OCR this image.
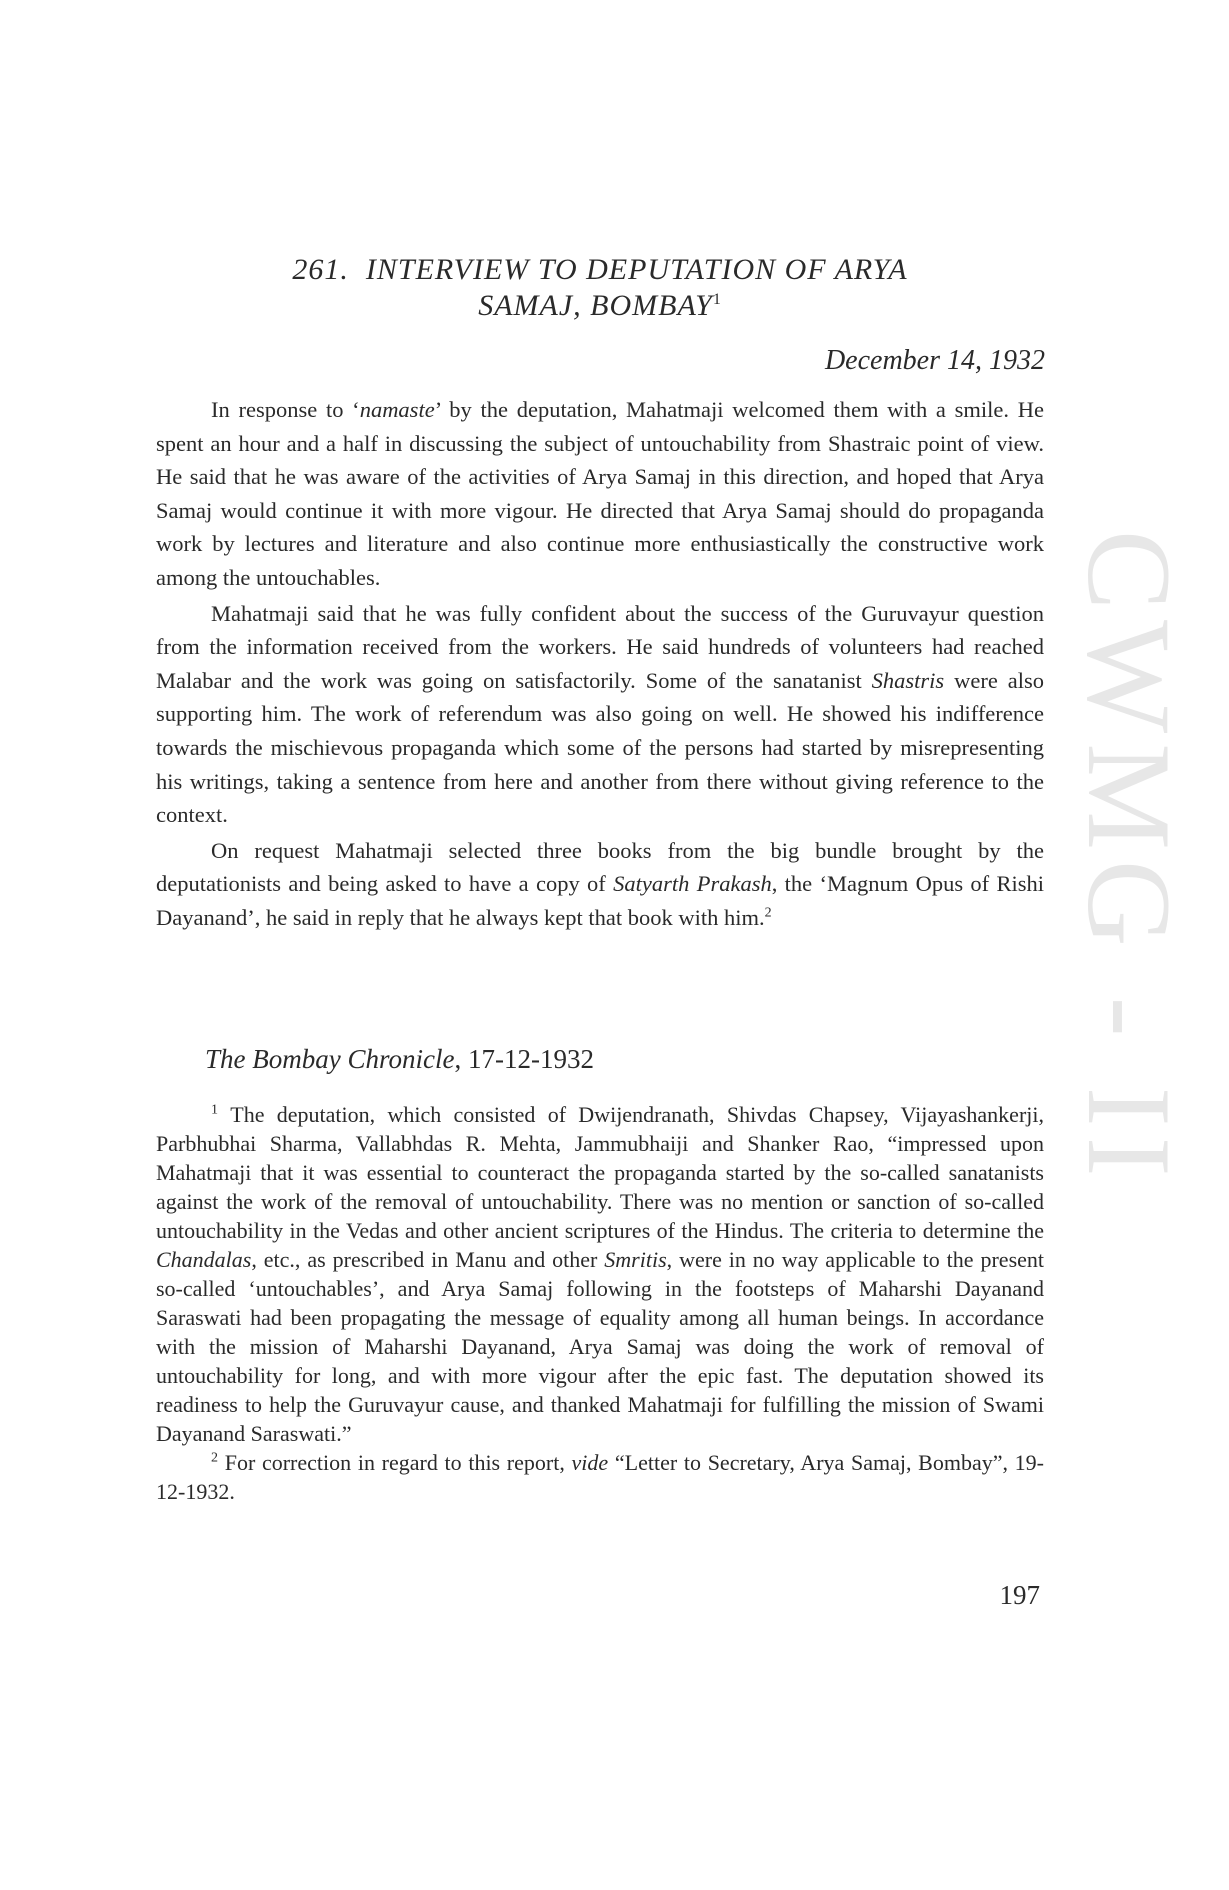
CWMG - II
261. INTERVIEW TO DEPUTATION OF ARYA
SAMAJ, BOMBAY$^1$
December 14, 1932

In response to ‘namaste’ by the deputation, Mahatmaji welcomed them with a smile. He spent an hour and a half in discussing the subject of untouchability from Shastraic point of view. He said that he was aware of the activities of Arya Samaj in this direction, and hoped that Arya Samaj would continue it with more vigour. He directed that Arya Samaj should do propaganda work by lectures and literature and also continue more enthusiastically the constructive work among the untouchables.

Mahatmaji said that he was fully confident about the success of the Guruvayur question from the information received from the workers. He said hundreds of volunteers had reached Malabar and the work was going on satisfactorily. Some of the sanatanist Shastris were also supporting him. The work of referendum was also going on well. He showed his indifference towards the mischievous propaganda which some of the persons had started by misrepresenting his writings, taking a sentence from here and another from there without giving reference to the context.

On request Mahatmaji selected three books from the big bundle brought by the deputationists and being asked to have a copy of Satyarth Prakash, the ‘Magnum Opus of Rishi Dayanand’, he said in reply that he always kept that book with him.$^2$

The Bombay Chronicle, 17-12-1932

$^1$ The deputation, which consisted of Dwijendranath, Shivdas Chapsey, Vijayashankerji, Parbhubhai Sharma, Vallabhdas R. Mehta, Jammubhaiji and Shanker Rao, “impressed upon Mahatmaji that it was essential to counteract the propaganda started by the so-called sanatanists against the work of the removal of untouchability. There was no mention or sanction of so-called untouchability in the Vedas and other ancient scriptures of the Hindus. The criteria to determine the Chandalas, etc., as prescribed in Manu and other Smritis, were in no way applicable to the present so-called ‘untouchables’, and Arya Samaj following in the footsteps of Maharshi Dayanand Saraswati had been propagating the message of equality among all human beings. In accordance with the mission of Maharshi Dayanand, Arya Samaj was doing the work of removal of untouchability for long, and with more vigour after the epic fast. The deputation showed its readiness to help the Guruvayur cause, and thanked Mahatmaji for fulfilling the mission of Swami Dayanand Saraswati.”

$^2$ For correction in regard to this report, vide “Letter to Secretary, Arya Samaj, Bombay”, 19-12-1932.

197
